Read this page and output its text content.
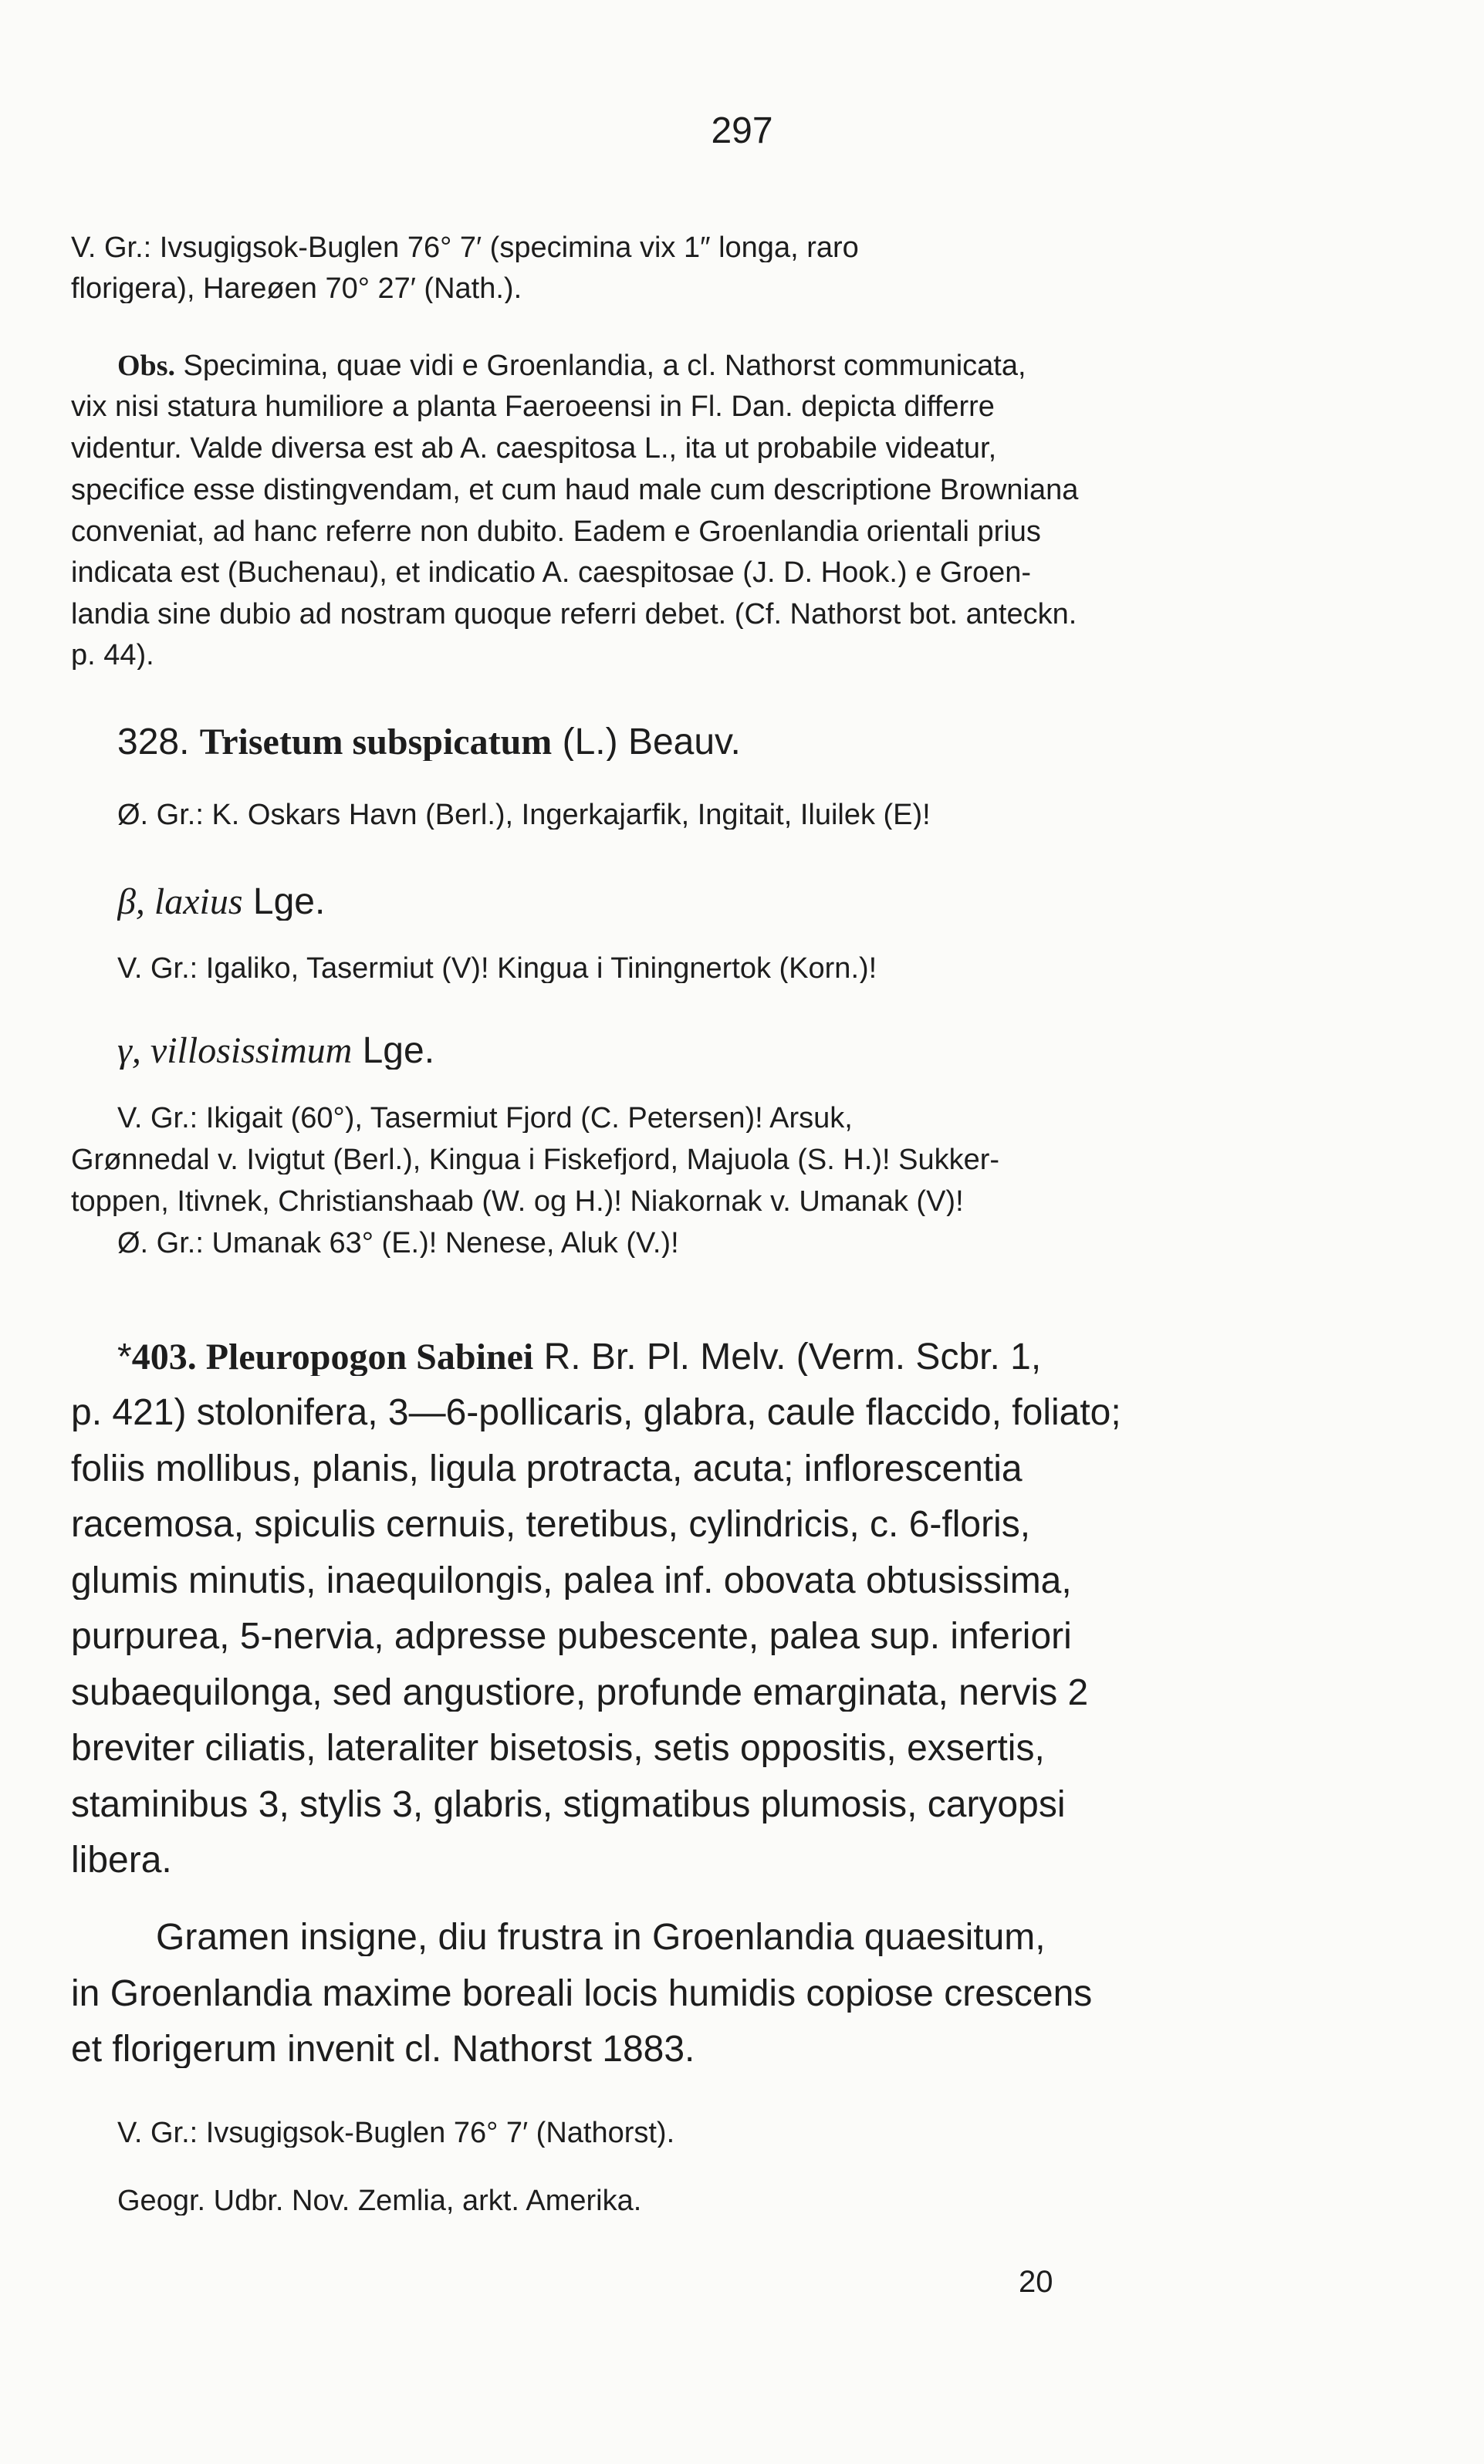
297
V. Gr.: Ivsugigsok-Buglen 76° 7′ (specimina vix 1″ longa, raro
florigera), Hareøen 70° 27′ (Nath.).
Obs. Specimina, quae vidi e Groenlandia, a cl. Nathorst communicata,
vix nisi statura humiliore a planta Faeroeensi in Fl. Dan. depicta differre
videntur. Valde diversa est ab A. caespitosa L., ita ut probabile videatur,
specifice esse distingvendam, et cum haud male cum descriptione Browniana
conveniat, ad hanc referre non dubito. Eadem e Groenlandia orientali prius
indicata est (Buchenau), et indicatio A. caespitosae (J. D. Hook.) e Groen-
landia sine dubio ad nostram quoque referri debet. (Cf. Nathorst bot. anteckn.
p. 44).
328. Trisetum subspicatum (L.) Beauv.
Ø. Gr.: K. Oskars Havn (Berl.), Ingerkajarfik, Ingitait, Iluilek (E)!
β, laxius Lge.
V. Gr.: Igaliko, Tasermiut (V)! Kingua i Tiningnertok (Korn.)!
γ, villosissimum Lge.
V. Gr.: Ikigait (60°), Tasermiut Fjord (C. Petersen)! Arsuk,
Grønnedal v. Ivigtut (Berl.), Kingua i Fiskefjord, Majuola (S. H.)! Sukker-
toppen, Itivnek, Christianshaab (W. og H.)! Niakornak v. Umanak (V)!
Ø. Gr.: Umanak 63° (E.)! Nenese, Aluk (V.)!
*403. Pleuropogon Sabinei R. Br. Pl. Melv. (Verm. Scbr. 1,
p. 421) stolonifera, 3—6-pollicaris, glabra, caule flaccido, foliato;
foliis mollibus, planis, ligula protracta, acuta; inflorescentia
racemosa, spiculis cernuis, teretibus, cylindricis, c. 6-floris,
glumis minutis, inaequilongis, palea inf. obovata obtusissima,
purpurea, 5-nervia, adpresse pubescente, palea sup. inferiori
subaequilonga, sed angustiore, profunde emarginata, nervis 2
breviter ciliatis, lateraliter bisetosis, setis oppositis, exsertis,
staminibus 3, stylis 3, glabris, stigmatibus plumosis, caryopsi
libera.
Gramen insigne, diu frustra in Groenlandia quaesitum,
in Groenlandia maxime boreali locis humidis copiose crescens
et florigerum invenit cl. Nathorst 1883.
V. Gr.: Ivsugigsok-Buglen 76° 7′ (Nathorst).
Geogr. Udbr. Nov. Zemlia, arkt. Amerika.
20
